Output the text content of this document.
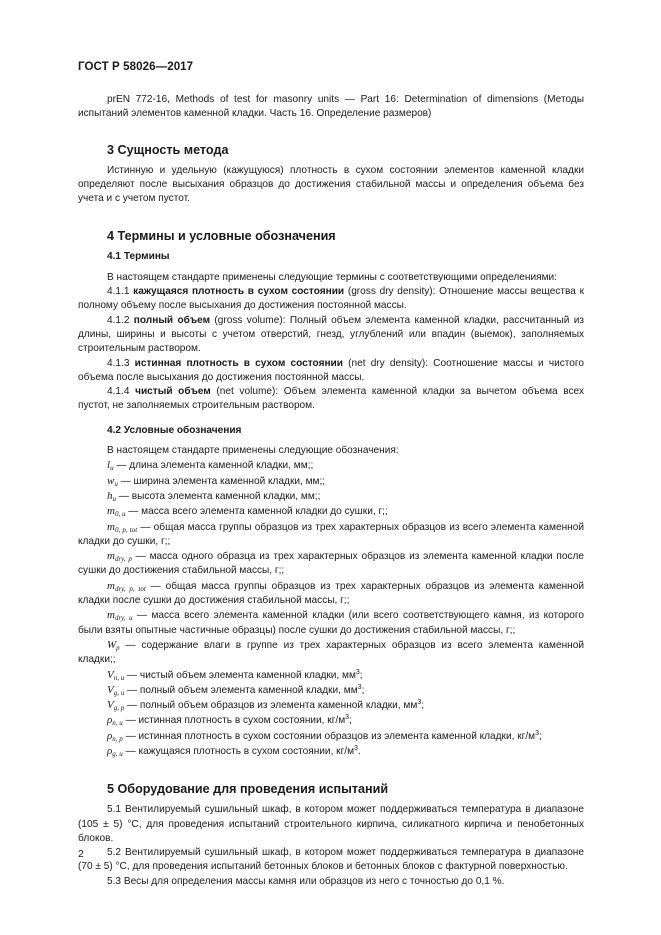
ГОСТ Р 58026—2017

prEN 772-16, Methods of test for masonry units — Part 16: Determination of dimensions (Методы испытаний элементов каменной кладки. Часть 16. Определение размеров)

3 Сущность метода

Истинную и удельную (кажущуюся) плотность в сухом состоянии элементов каменной кладки определяют после высыхания образцов до достижения стабильной массы и определения объема без учета и с учетом пустот.

4 Термины и условные обозначения
4.1 Термины

В настоящем стандарте применены следующие термины с соответствующими определениями:

4.1.1 кажущаяся плотность в сухом состоянии (gross dry density): Отношение массы вещества к полному объему после высыхания до достижения постоянной массы.

4.1.2 полный объем (gross volume): Полный объем элемента каменной кладки, рассчитанный из длины, ширины и высоты с учетом отверстий, гнезд, углублений или впадин (выемок), заполняемых строительным раствором.

4.1.3 истинная плотность в сухом состоянии (net dry density): Соотношение массы и чистого объема после высыхания до достижения постоянной массы.

4.1.4 чистый объем (net volume): Объем элемента каменной кладки за вычетом объема всех пустот, не заполняемых строительным раствором.

4.2 Условные обозначения

В настоящем стандарте применены следующие обозначения:

$l_u$ — длина элемента каменной кладки, мм;;

$w_u$ — ширина элемента каменной кладки, мм;;

$h_u$ — высота элемента каменной кладки, мм;;

$m_{0, u}$ — масса всего элемента каменной кладки до сушки, г;;

$m_{0, p, tot}$ — общая масса группы образцов из трех характерных образцов из всего элемента каменной кладки до сушки, г;;

$m_{dry, p}$ — масса одного образца из трех характерных образцов из элемента каменной кладки после сушки до достижения стабильной массы, г;;

$m_{dry, p, tot}$ — общая масса группы образцов из трех характерных образцов из элемента каменной кладки после сушки до достижения стабильной массы, г;;

$m_{dry, u}$ — масса всего элемента каменной кладки (или всего соответствующего камня, из которого были взяты опытные частичные образцы) после сушки до достижения стабильной массы, г;;

$W_p$ — содержание влаги в группе из трех характерных образцов из всего элемента каменной кладки;;

$V_{n, u}$ — чистый объем элемента каменной кладки, $мм^3$;

$V_{g, u}$ — полный объем элемента каменной кладки, $мм^3$;

$V_{g, p}$ — полный объем образцов из элемента каменной кладки, $мм^3$;

$\rho_{n, u}$ — истинная плотность в сухом состоянии, $кг/м^3$;

$\rho_{n, p}$ — истинная плотность в сухом состоянии образцов из элемента каменной кладки, $кг/м^3$;

$\rho_{g, u}$ — кажущаяся плотность в сухом состоянии, $кг/м^3$.

5 Оборудование для проведения испытаний

5.1 Вентилируемый сушильный шкаф, в котором может поддерживаться температура в диапазоне (105 ± 5) °С, для проведения испытаний строительного кирпича, силикатного кирпича и пенобетонных блоков.

5.2 Вентилируемый сушильный шкаф, в котором может поддерживаться температура в диапазоне (70 ± 5) °С, для проведения испытаний бетонных блоков и бетонных блоков с фактурной поверхностью.

5.3 Весы для определения массы камня или образцов из него с точностью до 0,1 %.

2
